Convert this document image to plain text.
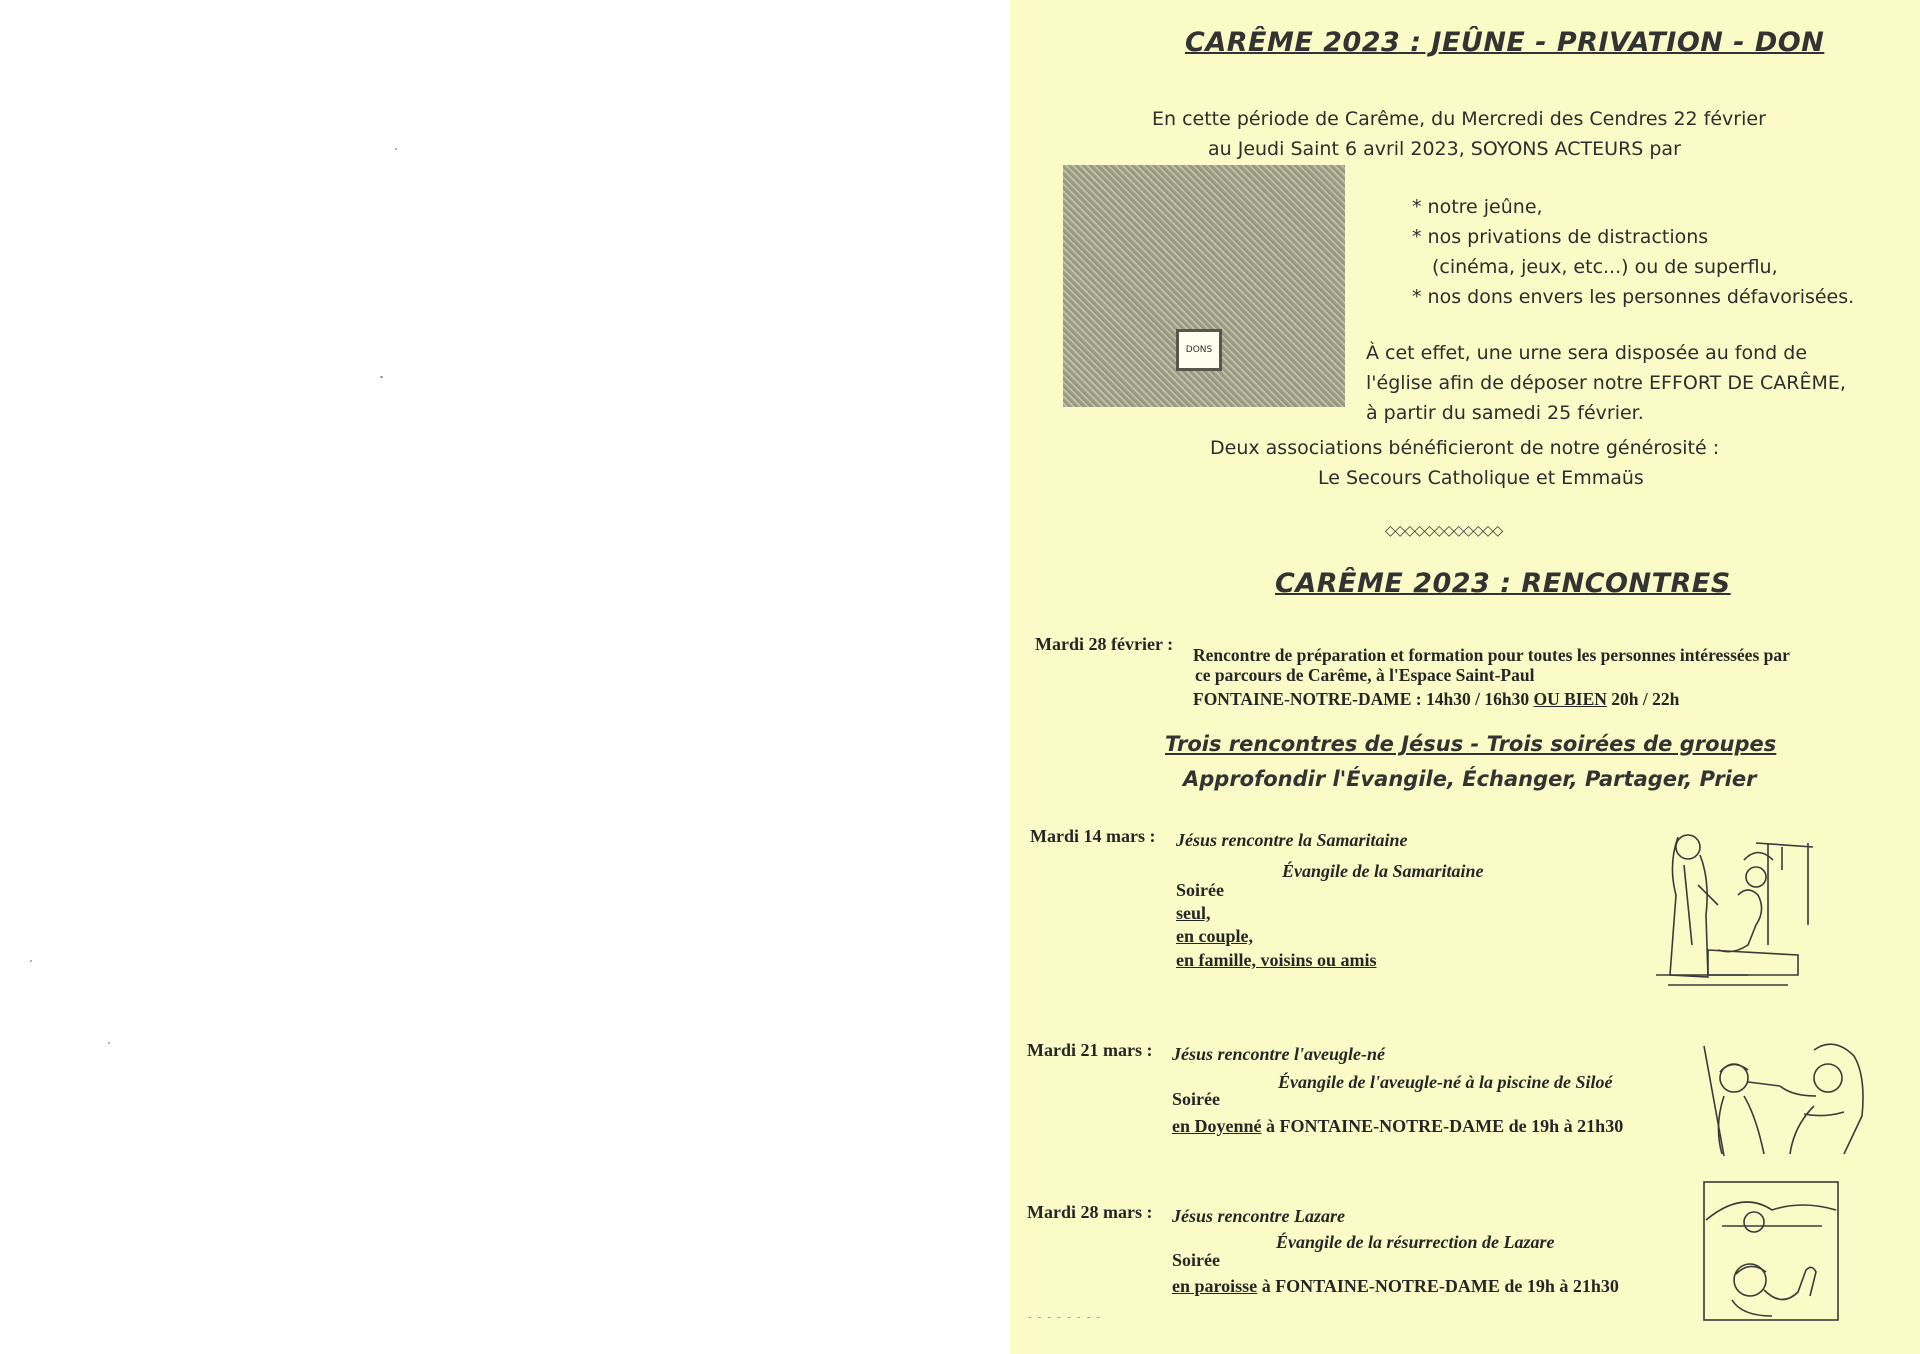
CARÊME 2023 : JEÛNE - PRIVATION - DON
En cette période de Carême, du Mercredi des Cendres 22 février
au Jeudi Saint 6 avril 2023, SOYONS ACTEURS par
DONS
* notre jeûne,
* nos privations de distractions
(cinéma, jeux, etc...) ou de superflu,
* nos dons envers les personnes défavorisées.
À cet effet, une urne sera disposée au fond de
l'église afin de déposer notre EFFORT DE CARÊME,
à partir du samedi 25 février.
Deux associations bénéficieront de notre générosité :
Le Secours Catholique et Emmaüs
◇◇◇◇◇◇◇◇◇◇◇◇
CARÊME 2023 : RENCONTRES
Mardi 28 février :
Rencontre de préparation et formation pour toutes les personnes intéressées par
ce parcours de Carême, à l'Espace Saint-Paul
FONTAINE-NOTRE-DAME : 14h30 / 16h30 OU BIEN 20h / 22h
Trois rencontres de Jésus - Trois soirées de groupes
Approfondir l'Évangile, Échanger, Partager, Prier
Mardi 14 mars : Jésus rencontre la Samaritaine
Évangile de la Samaritaine
Soirée
seul,
en couple,
en famille, voisins ou amis
Mardi 21 mars : Jésus rencontre l'aveugle-né
Évangile de l'aveugle-né à la piscine de Siloé
Soirée
en Doyenné à FONTAINE-NOTRE-DAME de 19h à 21h30
Mardi 28 mars : Jésus rencontre Lazare
Évangile de la résurrection de Lazare
Soirée
en paroisse à FONTAINE-NOTRE-DAME de 19h à 21h30
- - - - - - - -
